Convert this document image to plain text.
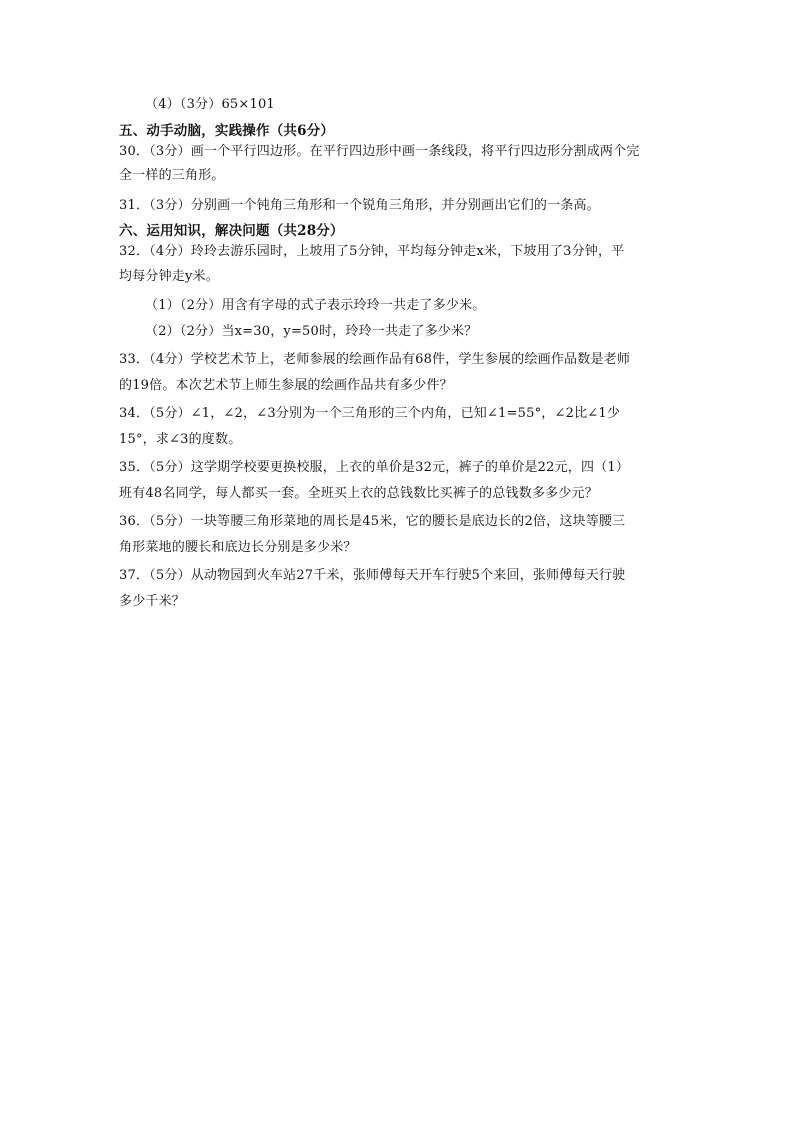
（4）（3分）65×101
五、动手动脑，实践操作（共6分）
30．（3分）画一个平行四边形。在平行四边形中画一条线段，将平行四边形分割成两个完
全一样的三角形。
31．（3分）分别画一个钝角三角形和一个锐角三角形，并分别画出它们的一条高。
六、运用知识，解决问题（共28分）
32．（4分）玲玲去游乐园时，上坡用了5分钟，平均每分钟走x米，下坡用了3分钟，平
均每分钟走y米。
（1）（2分）用含有字母的式子表示玲玲一共走了多少米。
（2）（2分）当x=30，y=50时，玲玲一共走了多少米？
33．（4分）学校艺术节上，老师参展的绘画作品有68件，学生参展的绘画作品数是老师
的19倍。本次艺术节上师生参展的绘画作品共有多少件？
34．（5分）∠1，∠2，∠3分别为一个三角形的三个内角，已知∠1=55°，∠2比∠1少
15°，求∠3的度数。
35．（5分）这学期学校要更换校服，上衣的单价是32元，裤子的单价是22元，四（1）
班有48名同学，每人都买一套。全班买上衣的总钱数比买裤子的总钱数多多少元？
36．（5分）一块等腰三角形菜地的周长是45米，它的腰长是底边长的2倍，这块等腰三
角形菜地的腰长和底边长分别是多少米？
37．（5分）从动物园到火车站27千米，张师傅每天开车行驶5个来回，张师傅每天行驶
多少千米？
